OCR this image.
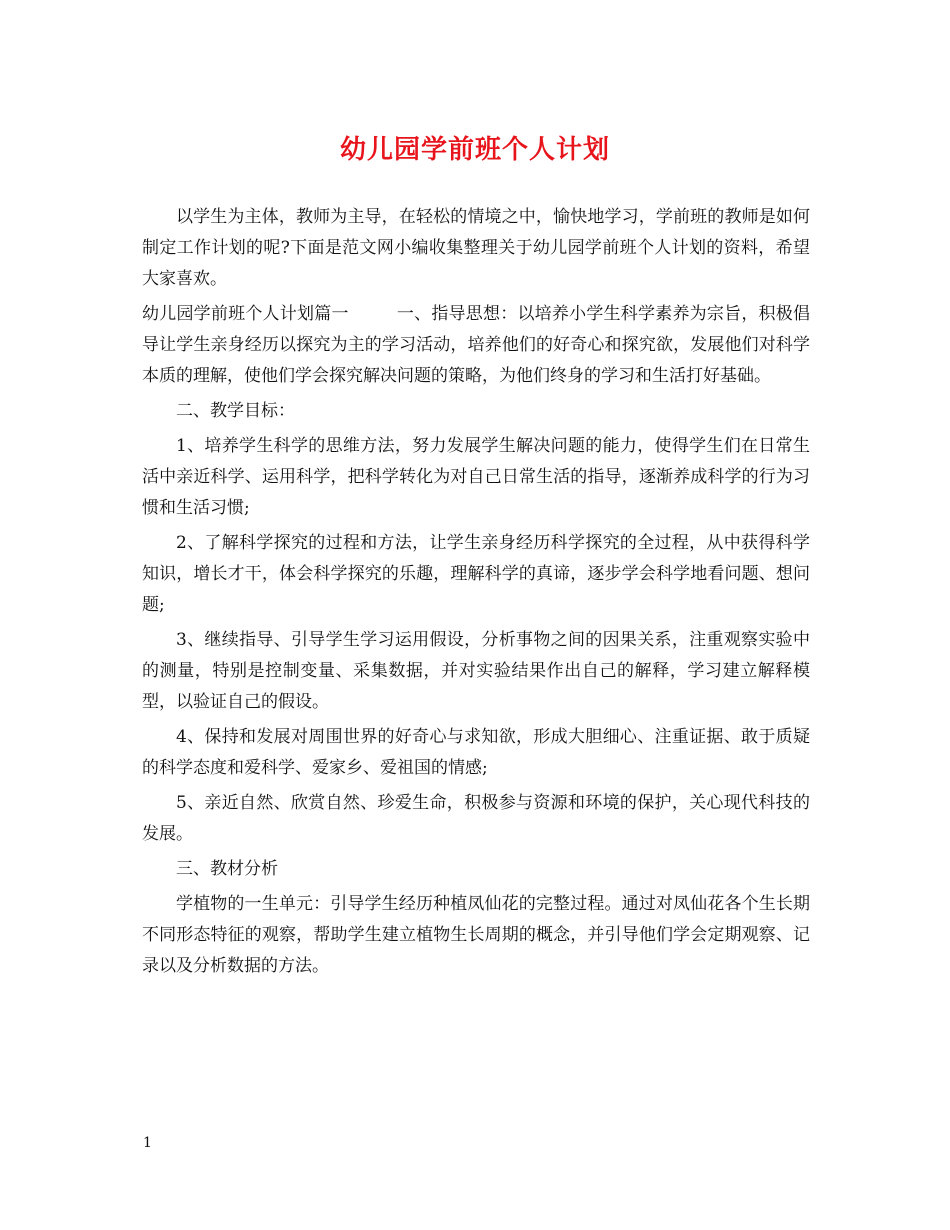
幼儿园学前班个人计划

以学生为主体，教师为主导，在轻松的情境之中，愉快地学习，学前班的教师是如何制定工作计划的呢?下面是范文网小编收集整理关于幼儿园学前班个人计划的资料，希望大家喜欢。

幼儿园学前班个人计划篇一	一、指导思想：以培养小学生科学素养为宗旨，积极倡导让学生亲身经历以探究为主的学习活动，培养他们的好奇心和探究欲，发展他们对科学本质的理解，使他们学会探究解决问题的策略，为他们终身的学习和生活打好基础。

二、教学目标：

1、培养学生科学的思维方法，努力发展学生解决问题的能力，使得学生们在日常生活中亲近科学、运用科学，把科学转化为对自己日常生活的指导，逐渐养成科学的行为习惯和生活习惯;

2、了解科学探究的过程和方法，让学生亲身经历科学探究的全过程，从中获得科学知识，增长才干，体会科学探究的乐趣，理解科学的真谛，逐步学会科学地看问题、想问题;

3、继续指导、引导学生学习运用假设，分析事物之间的因果关系，注重观察实验中的测量，特别是控制变量、采集数据，并对实验结果作出自己的解释，学习建立解释模型，以验证自己的假设。

4、保持和发展对周围世界的好奇心与求知欲，形成大胆细心、注重证据、敢于质疑的科学态度和爱科学、爱家乡、爱祖国的情感;

5、亲近自然、欣赏自然、珍爱生命，积极参与资源和环境的保护，关心现代科技的发展。

三、教材分析

学植物的一生单元：引导学生经历种植凤仙花的完整过程。通过对凤仙花各个生长期不同形态特征的观察，帮助学生建立植物生长周期的概念，并引导他们学会定期观察、记录以及分析数据的方法。

1
